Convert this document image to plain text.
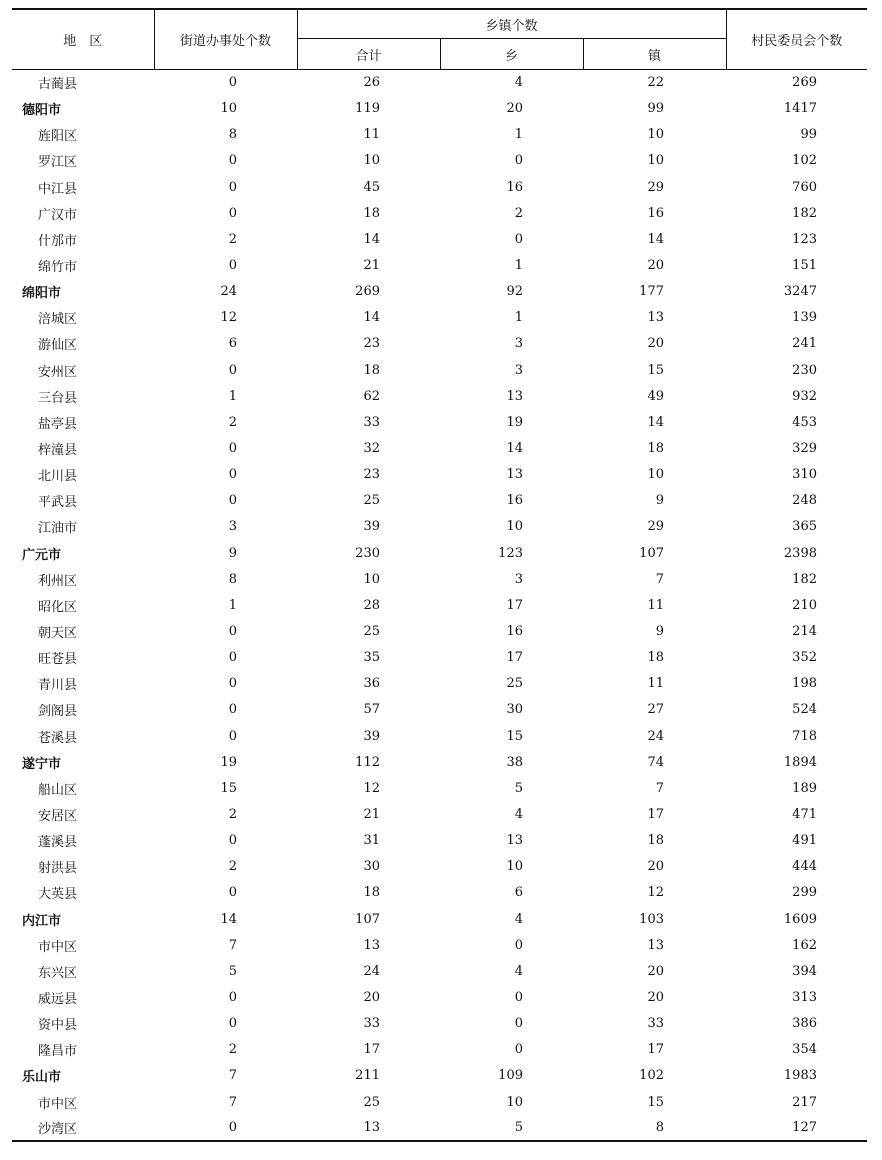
地　区	街道办事处个数	乡镇个数			村民委员会个数
		合计	乡	镇	
古蔺县	0	26	4	22	269
德阳市	10	119	20	99	1417
旌阳区	8	11	1	10	99
罗江区	0	10	0	10	102
中江县	0	45	16	29	760
广汉市	0	18	2	16	182
什邡市	2	14	0	14	123
绵竹市	0	21	1	20	151
绵阳市	24	269	92	177	3247
涪城区	12	14	1	13	139
游仙区	6	23	3	20	241
安州区	0	18	3	15	230
三台县	1	62	13	49	932
盐亭县	2	33	19	14	453
梓潼县	0	32	14	18	329
北川县	0	23	13	10	310
平武县	0	25	16	9	248
江油市	3	39	10	29	365
广元市	9	230	123	107	2398
利州区	8	10	3	7	182
昭化区	1	28	17	11	210
朝天区	0	25	16	9	214
旺苍县	0	35	17	18	352
青川县	0	36	25	11	198
剑阁县	0	57	30	27	524
苍溪县	0	39	15	24	718
遂宁市	19	112	38	74	1894
船山区	15	12	5	7	189
安居区	2	21	4	17	471
蓬溪县	0	31	13	18	491
射洪县	2	30	10	20	444
大英县	0	18	6	12	299
内江市	14	107	4	103	1609
市中区	7	13	0	13	162
东兴区	5	24	4	20	394
威远县	0	20	0	20	313
资中县	0	33	0	33	386
隆昌市	2	17	0	17	354
乐山市	7	211	109	102	1983
市中区	7	25	10	15	217
沙湾区	0	13	5	8	127
